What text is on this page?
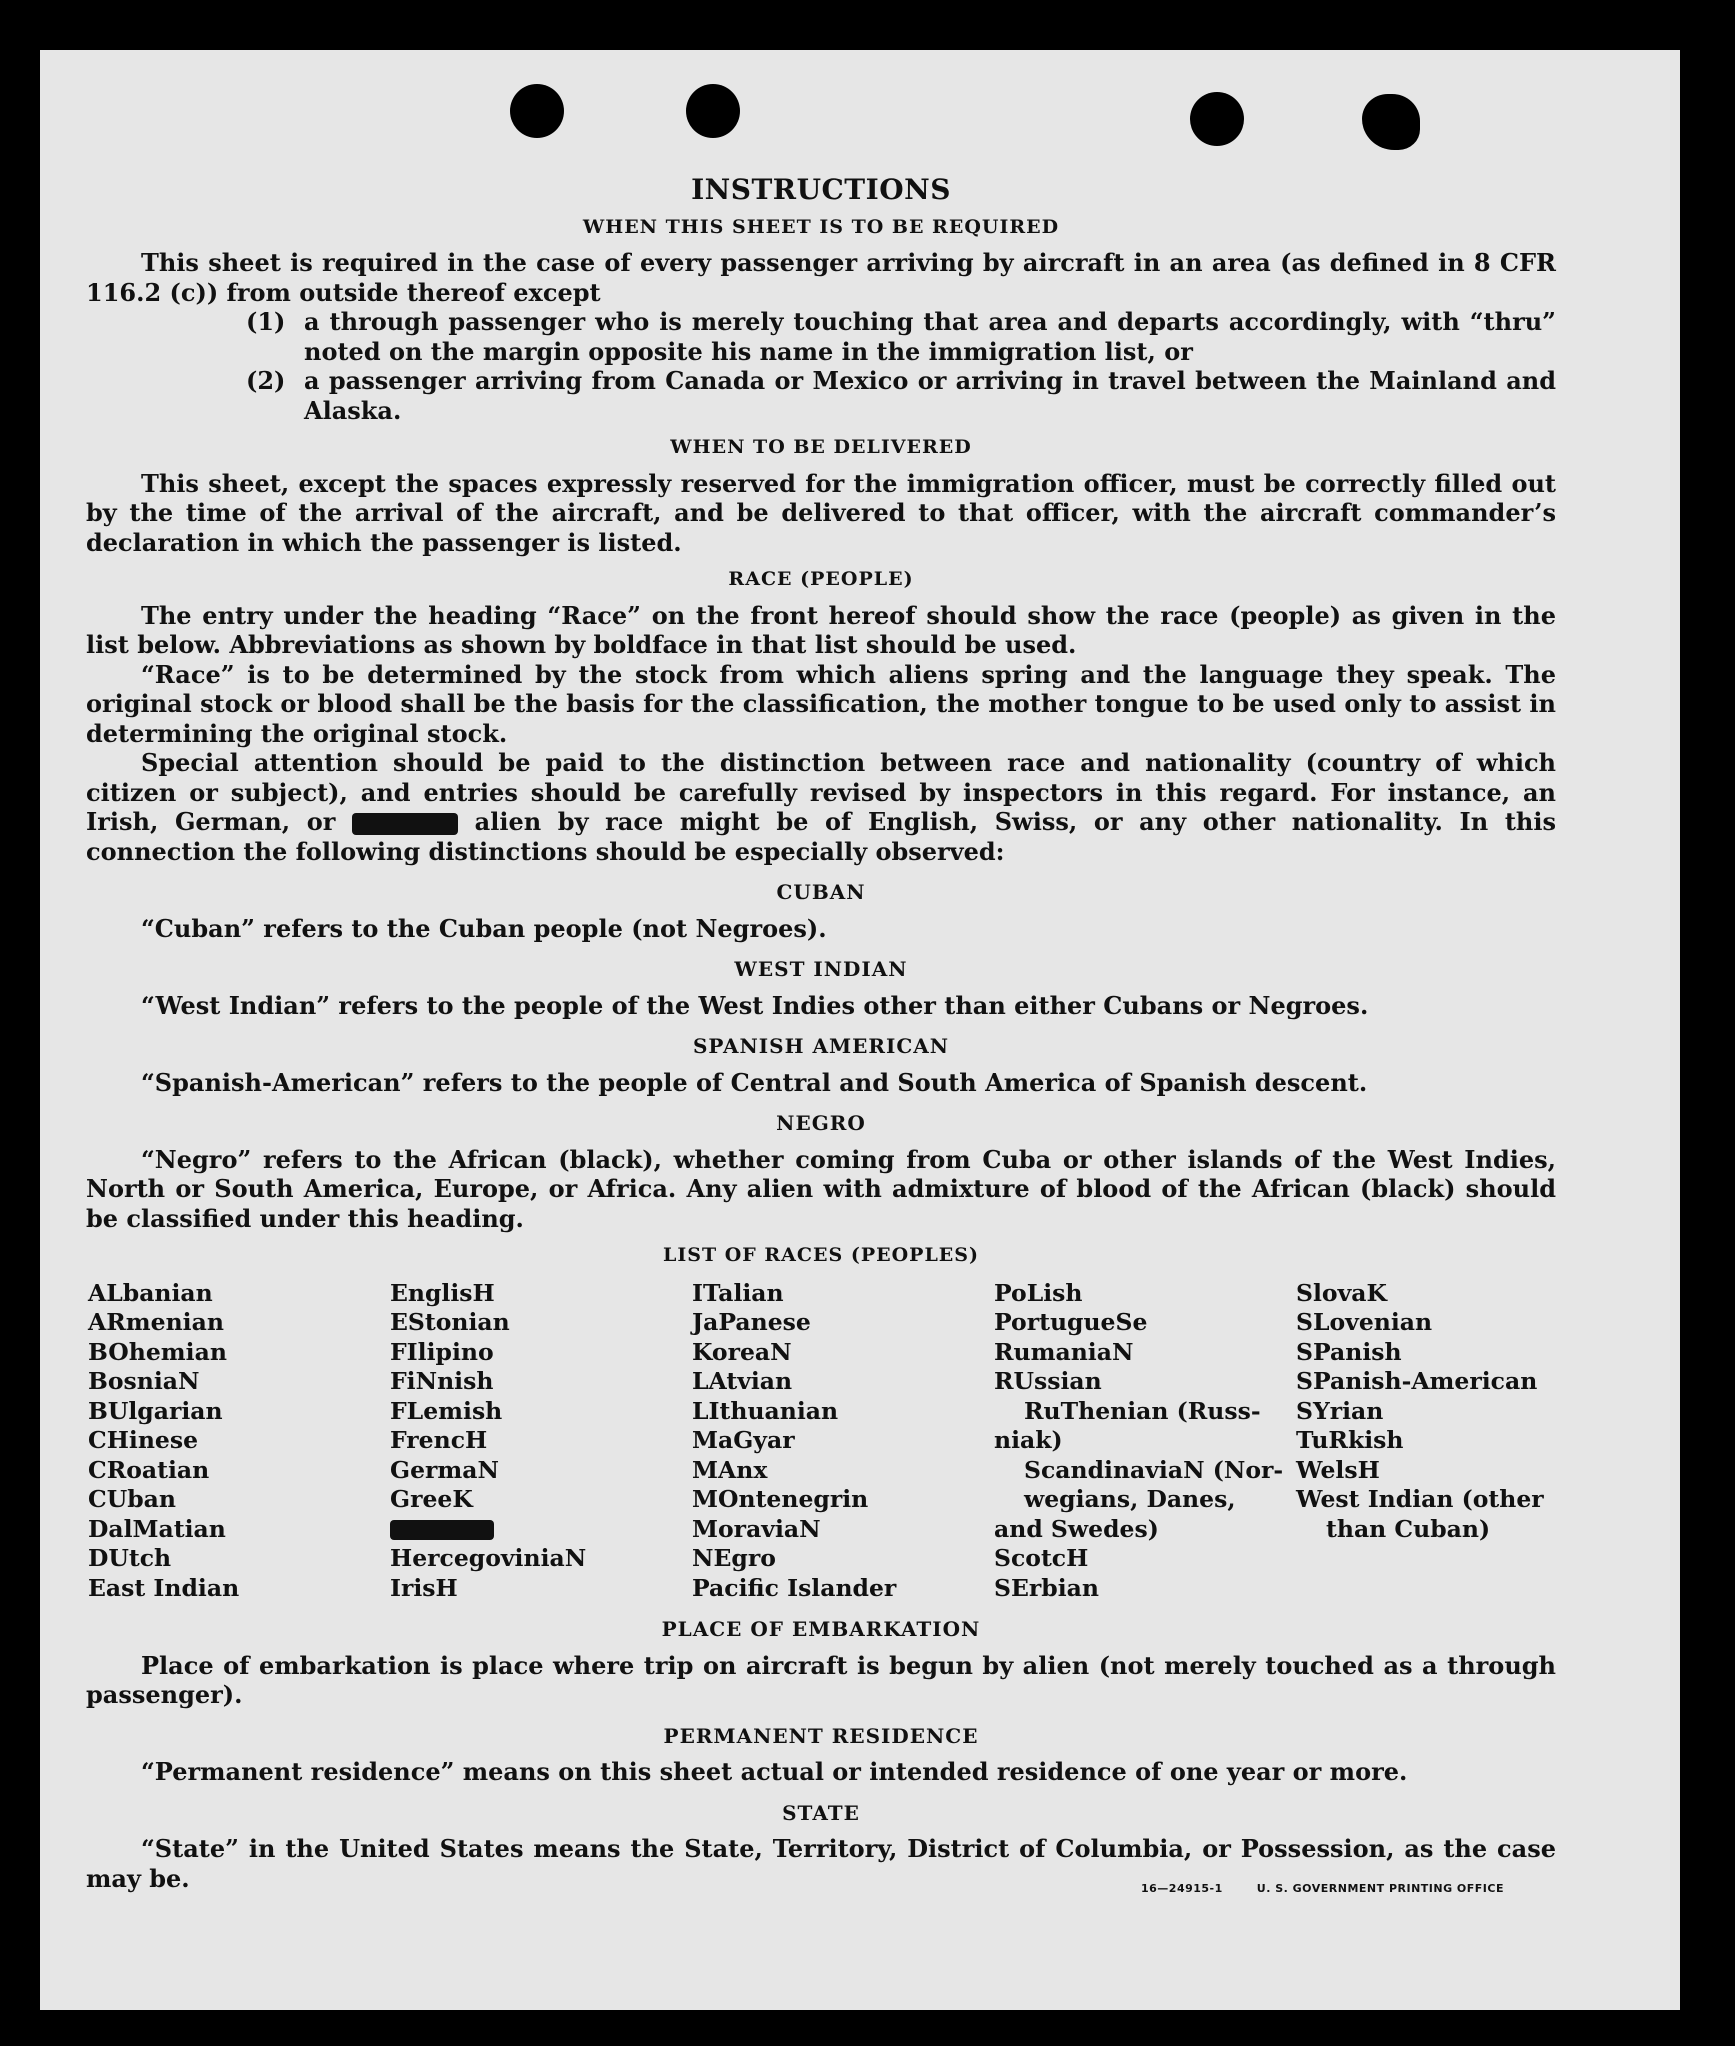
INSTRUCTIONS
WHEN THIS SHEET IS TO BE REQUIRED

This sheet is required in the case of every passenger arriving by aircraft in an area (as defined in 8 CFR 116.2 (c)) from outside thereof except

(1) a through passenger who is merely touching that area and departs accordingly, with “thru” noted on the margin opposite his name in the immigration list, or
(2) a passenger arriving from Canada or Mexico or arriving in travel between the Mainland and Alaska.
WHEN TO BE DELIVERED

This sheet, except the spaces expressly reserved for the immigration officer, must be correctly filled out by the time of the arrival of the aircraft, and be delivered to that officer, with the aircraft commander’s declaration in which the passenger is listed.

RACE (PEOPLE)

The entry under the heading “Race” on the front hereof should show the race (people) as given in the list below. Abbreviations as shown by boldface in that list should be used.

“Race” is to be determined by the stock from which aliens spring and the language they speak. The original stock or blood shall be the basis for the classification, the mother tongue to be used only to assist in determining the original stock.

Special attention should be paid to the distinction between race and nationality (country of which citizen or subject), and entries should be carefully revised by inspectors in this regard. For instance, an Irish, German, or	alien by race might be of English, Swiss, or any other nationality. In this connection the following distinctions should be especially observed:

CUBAN

“Cuban” refers to the Cuban people (not Negroes).

WEST INDIAN

“West Indian” refers to the people of the West Indies other than either Cubans or Negroes.

SPANISH AMERICAN

“Spanish-American” refers to the people of Central and South America of Spanish descent.

NEGRO

“Negro” refers to the African (black), whether coming from Cuba or other islands of the West Indies, North or South America, Europe, or Africa. Any alien with admixture of blood of the African (black) should be classified under this heading.

LIST OF RACES (PEOPLES)
ALbanian
ARmenian
BOhemian
BosniaN
BUlgarian
CHinese
CRoatian
CUban
DalMatian
DUtch
East Indian
EnglisH
EStonian
FIlipino
FiNnish
FLemish
FrencH
GermaN
GreeK
HercegoviniaN
IrisH
ITalian
JaPanese
KoreaN
LAtvian
LIthuanian
MaGyar
MAnx
MOntenegrin
MoraviaN
NEgro
Pacific Islander
PoLish
PortugueSe
RumaniaN
RUssian
RuThenian (Russ-
niak)
ScandinaviaN (Nor-
wegians, Danes,
and Swedes)
ScotcH
SErbian
SlovaK
SLovenian
SPanish
SPanish-American
SYrian
TuRkish
WelsH
West Indian (other
than Cuban)
PLACE OF EMBARKATION

Place of embarkation is place where trip on aircraft is begun by alien (not merely touched as a through passenger).

PERMANENT RESIDENCE

“Permanent residence” means on this sheet actual or intended residence of one year or more.

STATE

“State” in the United States means the State, Territory, District of Columbia, or Possession, as the case may be.	16—24915-1	U. S. GOVERNMENT PRINTING OFFICE
